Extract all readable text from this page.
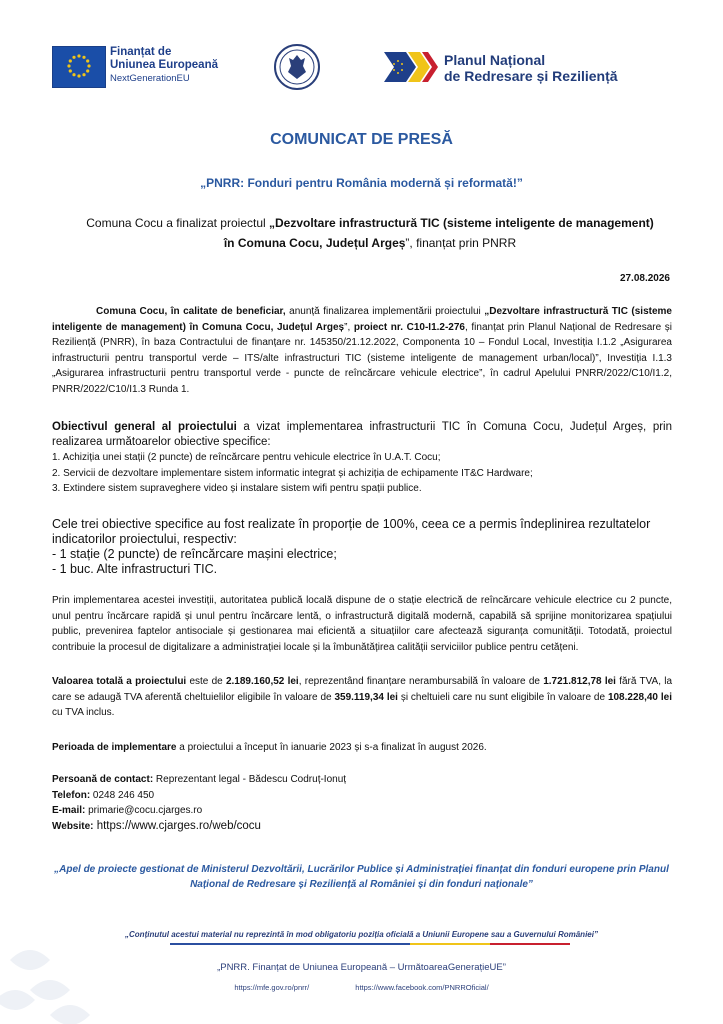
Finanțat de
Uniunea Europeană
NextGenerationEU
Planul Național
de Redresare și Reziliență
COMUNICAT DE PRESĂ
„PNRR: Fonduri pentru România modernă și reformată!”
Comuna Cocu a finalizat proiectul „Dezvoltare infrastructură TIC (sisteme inteligente de management) în Comuna Cocu, Județul Argeș”, finanțat prin PNRR
27.08.2026
Comuna Cocu, în calitate de beneficiar, anunță finalizarea implementării proiectului „Dezvoltare infrastructură TIC (sisteme inteligente de management) în Comuna Cocu, Județul Argeș”, proiect nr. C10-I1.2-276, finanțat prin Planul Național de Redresare și Reziliență (PNRR), în baza Contractului de finanțare nr. 145350/21.12.2022, Componenta 10 – Fondul Local, Investiția I.1.2 „Asigurarea infrastructurii pentru transportul verde – ITS/alte infrastructuri TIC (sisteme inteligente de management urban/local)”, Investiția I.1.3 „Asigurarea infrastructurii pentru transportul verde - puncte de reîncărcare vehicule electrice”, în cadrul Apelului PNRR/2022/C10/I1.2, PNRR/2022/C10/I1.3 Runda 1.
Obiectivul general al proiectului a vizat implementarea infrastructurii TIC în Comuna Cocu, Județul Argeș, prin realizarea următoarelor obiective specifice:
1. Achiziția unei stații (2 puncte) de reîncărcare pentru vehicule electrice în U.A.T. Cocu;
2. Servicii de dezvoltare implementare sistem informatic integrat și achiziția de echipamente IT&C Hardware;
3. Extindere sistem supraveghere video și instalare sistem wifi pentru spații publice.
Cele trei obiective specifice au fost realizate în proporție de 100%, ceea ce a permis îndeplinirea rezultatelor indicatorilor proiectului, respectiv:
- 1 stație (2 puncte) de reîncărcare mașini electrice;
- 1 buc. Alte infrastructuri TIC.
Prin implementarea acestei investiții, autoritatea publică locală dispune de o stație electrică de reîncărcare vehicule electrice cu 2 puncte, unul pentru încărcare rapidă și unul pentru încărcare lentă, o infrastructură digitală modernă, capabilă să sprijine monitorizarea spațiului public, prevenirea faptelor antisociale și gestionarea mai eficientă a situațiilor care afectează siguranța comunității. Totodată, proiectul contribuie la procesul de digitalizare a administrației locale și la îmbunătățirea calității serviciilor publice pentru cetățeni.
Valoarea totală a proiectului este de 2.189.160,52 lei, reprezentând finanțare nerambursabilă în valoare de 1.721.812,78 lei fără TVA, la care se adaugă TVA aferentă cheltuielilor eligibile în valoare de 359.119,34 lei și cheltuieli care nu sunt eligibile în valoare de 108.228,40 lei cu TVA inclus.
Perioada de implementare a proiectului a început în ianuarie 2023 și s-a finalizat în august 2026.
Persoană de contact: Reprezentant legal - Bădescu Codruț-Ionuț
Telefon: 0248 246 450
E-mail: primarie@cocu.cjarges.ro
Website: https://www.cjarges.ro/web/cocu
„Apel de proiecte gestionat de Ministerul Dezvoltării, Lucrărilor Publice și Administrației finanțat din fonduri europene prin Planul Național de Redresare și Reziliență al României și din fonduri naționale”
„Conținutul acestui material nu reprezintă în mod obligatoriu poziția oficială a Uniunii Europene sau a Guvernului României”
„PNRR. Finanțat de Uniunea Europeană – UrmătoareaGenerațieUE”
https://mfe.gov.ro/pnrr/	https://www.facebook.com/PNRROficial/
